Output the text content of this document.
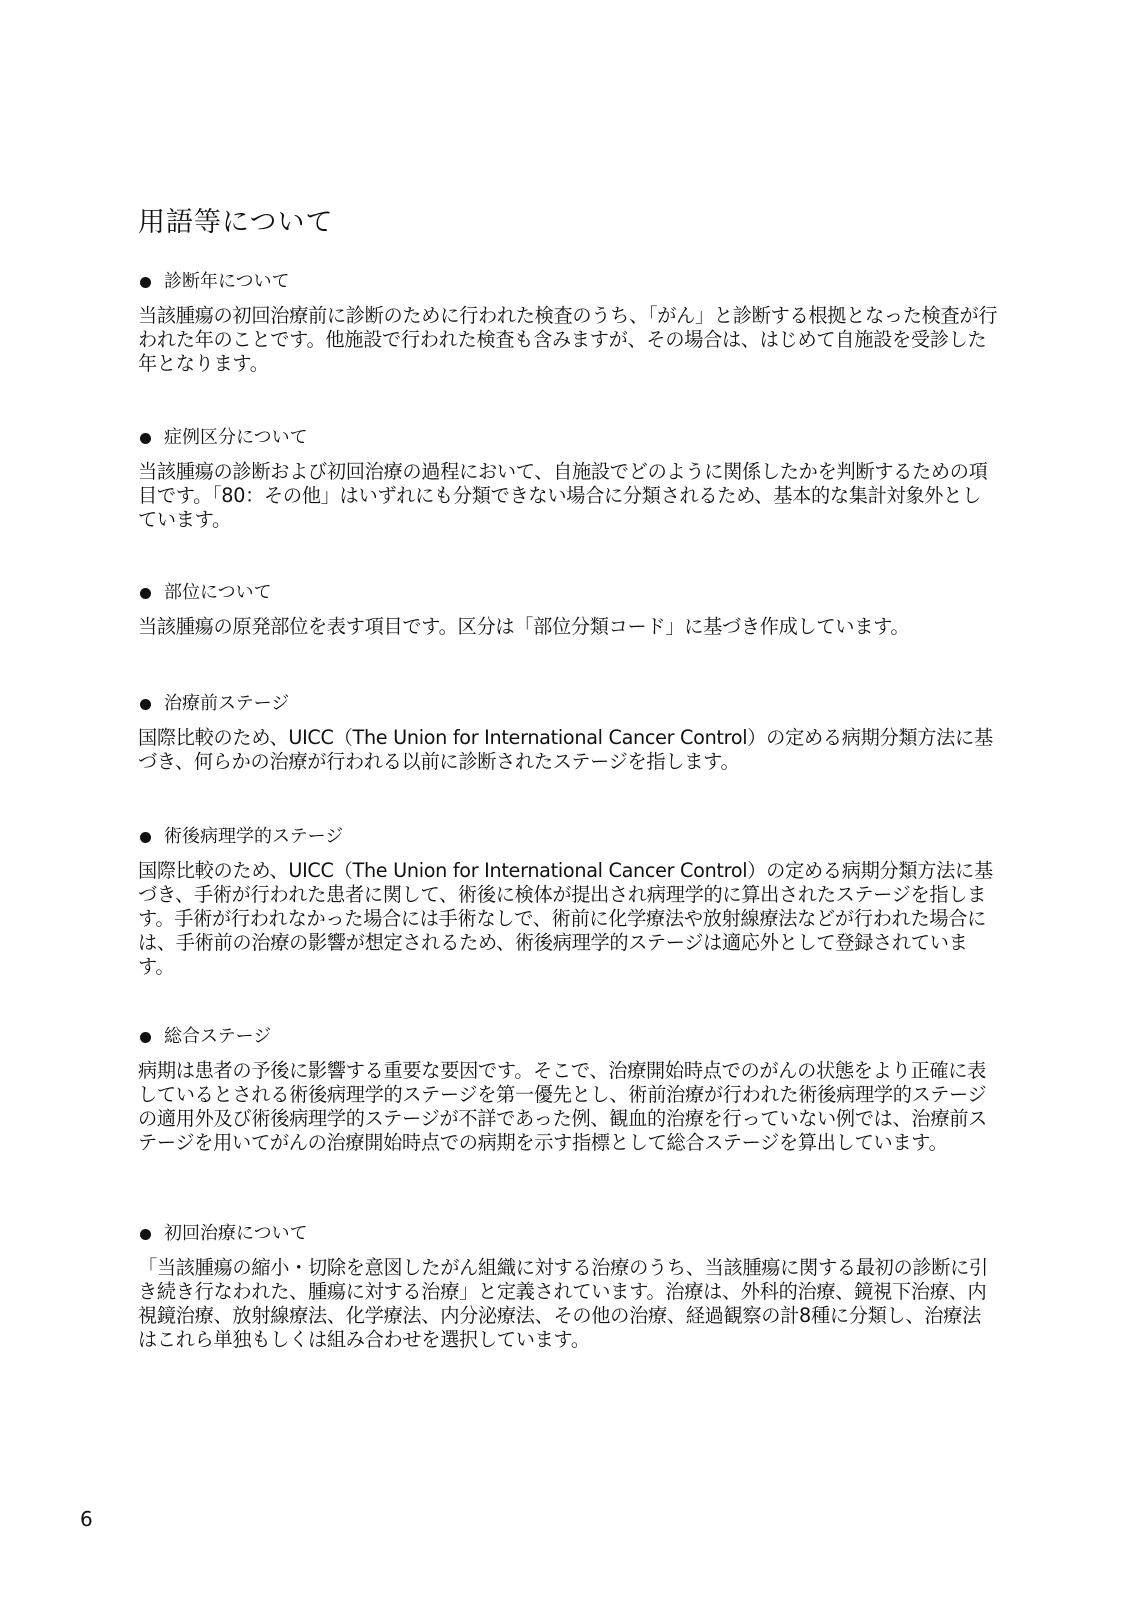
用語等について
診断年について

当該腫瘍の初回治療前に診断のために行われた検査のうち、「がん」と診断する根拠となった検査が行われた年のことです。他施設で行われた検査も含みますが、その場合は、はじめて自施設を受診した年となります。

症例区分について

当該腫瘍の診断および初回治療の過程において、自施設でどのように関係したかを判断するための項目です。「80：その他」はいずれにも分類できない場合に分類されるため、基本的な集計対象外としています。

部位について

当該腫瘍の原発部位を表す項目です。区分は「部位分類コード」に基づき作成しています。

治療前ステージ

国際比較のため、UICC（The Union for International Cancer Control）の定める病期分類方法に基づき、何らかの治療が行われる以前に診断されたステージを指します。

術後病理学的ステージ

国際比較のため、UICC（The Union for International Cancer Control）の定める病期分類方法に基づき、手術が行われた患者に関して、術後に検体が提出され病理学的に算出されたステージを指します。手術が行われなかった場合には手術なしで、術前に化学療法や放射線療法などが行われた場合には、手術前の治療の影響が想定されるため、術後病理学的ステージは適応外として登録されています。

総合ステージ

病期は患者の予後に影響する重要な要因です。そこで、治療開始時点でのがんの状態をより正確に表しているとされる術後病理学的ステージを第一優先とし、術前治療が行われた術後病理学的ステージの適用外及び術後病理学的ステージが不詳であった例、観血的治療を行っていない例では、治療前ステージを用いてがんの治療開始時点での病期を示す指標として総合ステージを算出しています。

初回治療について

「当該腫瘍の縮小・切除を意図したがん組織に対する治療のうち、当該腫瘍に関する最初の診断に引き続き行なわれた、腫瘍に対する治療」と定義されています。治療は、外科的治療、鏡視下治療、内視鏡治療、放射線療法、化学療法、内分泌療法、その他の治療、経過観察の計8種に分類し、治療法はこれら単独もしくは組み合わせを選択しています。

6
